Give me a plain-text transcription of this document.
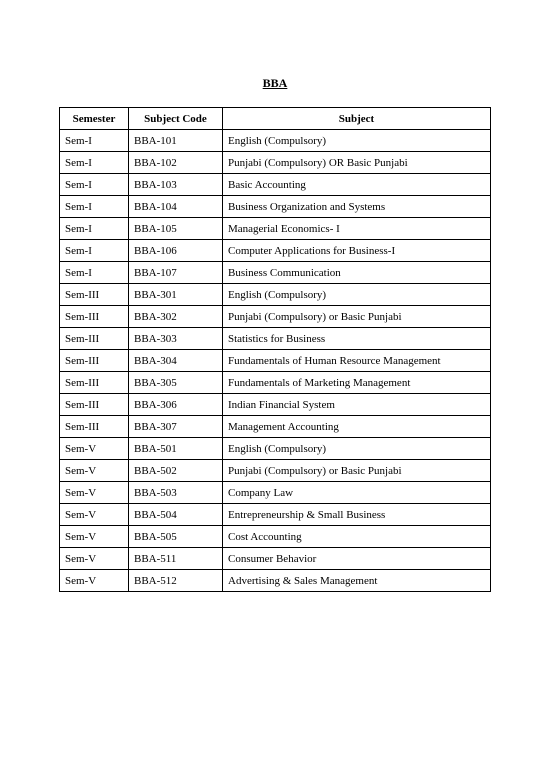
BBA
Semester	Subject Code	Subject
Sem-I	BBA-101	English (Compulsory)
Sem-I	BBA-102	Punjabi (Compulsory) OR Basic Punjabi
Sem-I	BBA-103	Basic Accounting
Sem-I	BBA-104	Business Organization and Systems
Sem-I	BBA-105	Managerial Economics- I
Sem-I	BBA-106	Computer Applications for Business-I
Sem-I	BBA-107	Business Communication
Sem-III	BBA-301	English (Compulsory)
Sem-III	BBA-302	Punjabi (Compulsory) or Basic Punjabi
Sem-III	BBA-303	Statistics for Business
Sem-III	BBA-304	Fundamentals of Human Resource Management
Sem-III	BBA-305	Fundamentals of Marketing Management
Sem-III	BBA-306	Indian Financial System
Sem-III	BBA-307	Management Accounting
Sem-V	BBA-501	English (Compulsory)
Sem-V	BBA-502	Punjabi (Compulsory) or Basic Punjabi
Sem-V	BBA-503	Company Law
Sem-V	BBA-504	Entrepreneurship & Small Business
Sem-V	BBA-505	Cost Accounting
Sem-V	BBA-511	Consumer Behavior
Sem-V	BBA-512	Advertising & Sales Management
